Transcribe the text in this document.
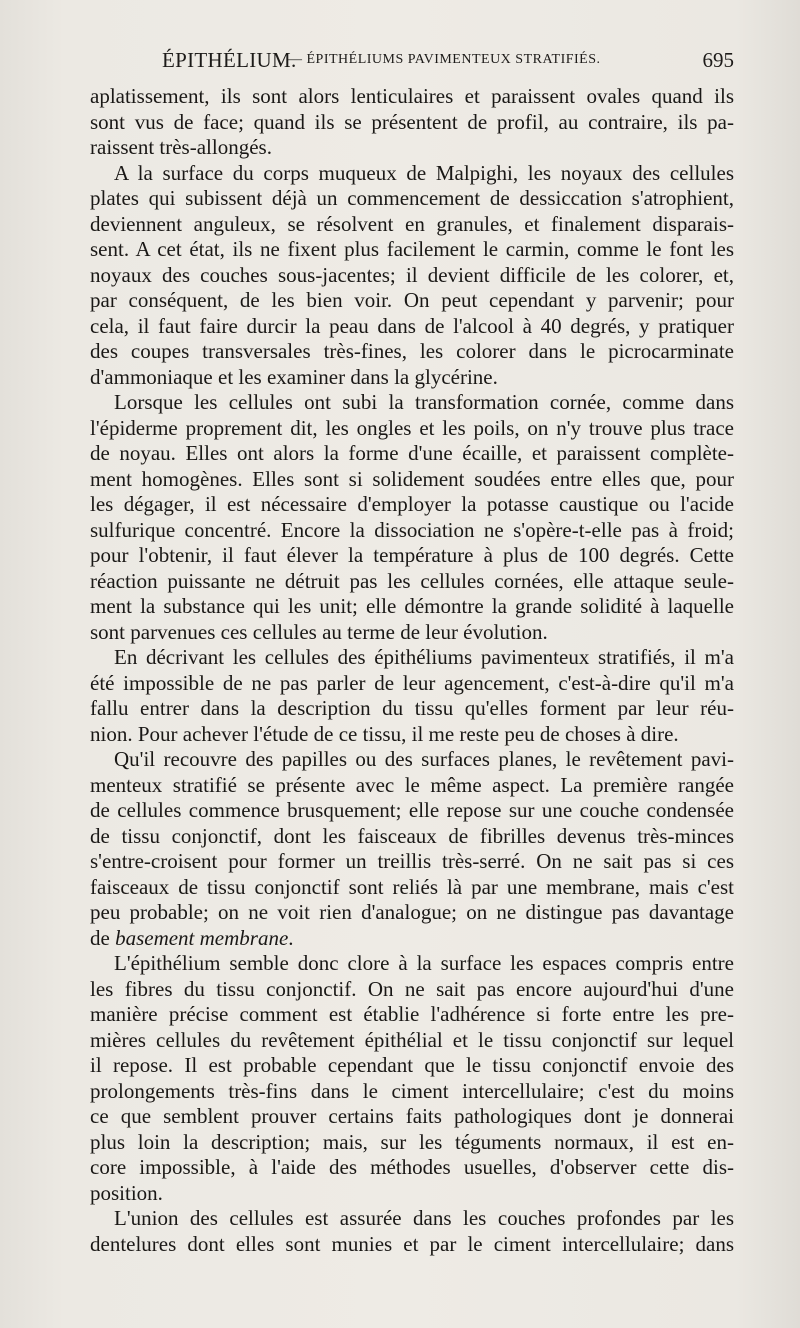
ÉPITHÉLIUM.
— ÉPITHÉLIUMS PAVIMENTEUX STRATIFIÉS.	695
aplatissement, ils sont alors lenticulaires et paraissent ovales quand ils
sont vus de face; quand ils se présentent de profil, au contraire, ils pa-
raissent très-allongés.
A la surface du corps muqueux de Malpighi, les noyaux des cellules
plates qui subissent déjà un commencement de dessiccation s'atrophient,
deviennent anguleux, se résolvent en granules, et finalement disparais-
sent. A cet état, ils ne fixent plus facilement le carmin, comme le font les
noyaux des couches sous-jacentes; il devient difficile de les colorer, et,
par conséquent, de les bien voir. On peut cependant y parvenir; pour
cela, il faut faire durcir la peau dans de l'alcool à 40 degrés, y pratiquer
des coupes transversales très-fines, les colorer dans le picrocarminate
d'ammoniaque et les examiner dans la glycérine.
Lorsque les cellules ont subi la transformation cornée, comme dans
l'épiderme proprement dit, les ongles et les poils, on n'y trouve plus trace
de noyau. Elles ont alors la forme d'une écaille, et paraissent complète-
ment homogènes. Elles sont si solidement soudées entre elles que, pour
les dégager, il est nécessaire d'employer la potasse caustique ou l'acide
sulfurique concentré. Encore la dissociation ne s'opère-t-elle pas à froid;
pour l'obtenir, il faut élever la température à plus de 100 degrés. Cette
réaction puissante ne détruit pas les cellules cornées, elle attaque seule-
ment la substance qui les unit; elle démontre la grande solidité à laquelle
sont parvenues ces cellules au terme de leur évolution.
En décrivant les cellules des épithéliums pavimenteux stratifiés, il m'a
été impossible de ne pas parler de leur agencement, c'est-à-dire qu'il m'a
fallu entrer dans la description du tissu qu'elles forment par leur réu-
nion. Pour achever l'étude de ce tissu, il me reste peu de choses à dire.
Qu'il recouvre des papilles ou des surfaces planes, le revêtement pavi-
menteux stratifié se présente avec le même aspect. La première rangée
de cellules commence brusquement; elle repose sur une couche condensée
de tissu conjonctif, dont les faisceaux de fibrilles devenus très-minces
s'entre-croisent pour former un treillis très-serré. On ne sait pas si ces
faisceaux de tissu conjonctif sont reliés là par une membrane, mais c'est
peu probable; on ne voit rien d'analogue; on ne distingue pas davantage
de basement membrane.
L'épithélium semble donc clore à la surface les espaces compris entre
les fibres du tissu conjonctif. On ne sait pas encore aujourd'hui d'une
manière précise comment est établie l'adhérence si forte entre les pre-
mières cellules du revêtement épithélial et le tissu conjonctif sur lequel
il repose. Il est probable cependant que le tissu conjonctif envoie des
prolongements très-fins dans le ciment intercellulaire; c'est du moins
ce que semblent prouver certains faits pathologiques dont je donnerai
plus loin la description; mais, sur les téguments normaux, il est en-
core impossible, à l'aide des méthodes usuelles, d'observer cette dis-
position.
L'union des cellules est assurée dans les couches profondes par les
dentelures dont elles sont munies et par le ciment intercellulaire; dans
